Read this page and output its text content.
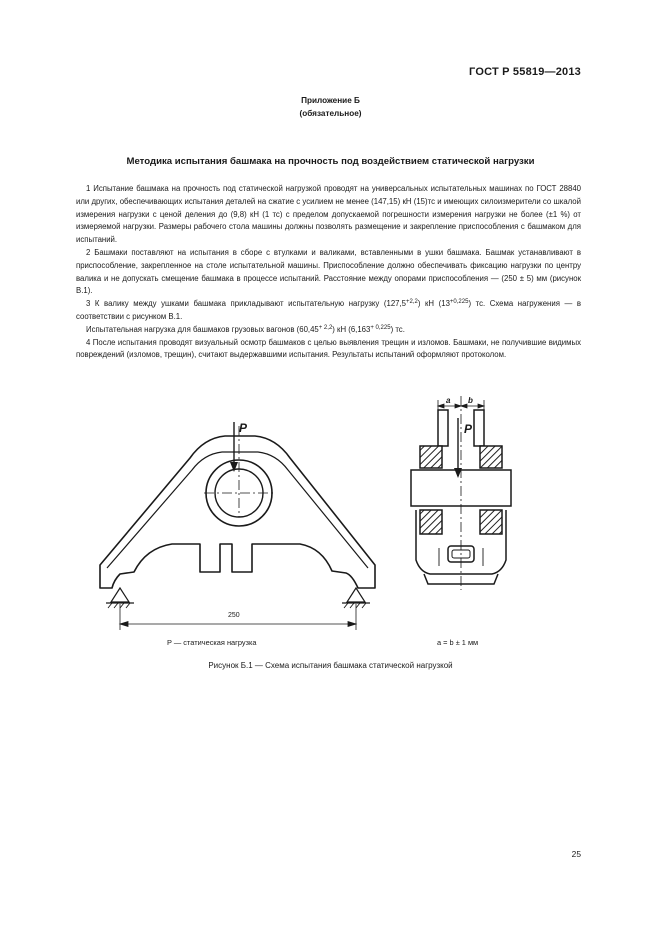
ГОСТ Р 55819—2013
Приложение Б
(обязательное)
Методика испытания башмака на прочность под воздействием статической нагрузки

1 Испытание башмака на прочность под статической нагрузкой проводят на универсальных испытательных машинах по ГОСТ 28840 или других, обеспечивающих испытания деталей на сжатие с усилием не менее (147,15) кН (15)тс и имеющих силоизмерители со шкалой измерения нагрузки с ценой деления до (9,8) кН (1 тс) с пределом допускаемой погрешности измерения нагрузки не более (±1 %) от измеряемой нагрузки. Размеры рабочего стола машины должны позволять размещение и закрепление приспособления с башмаком для испытаний.

2 Башмаки поставляют на испытания в сборе с втулками и валиками, вставленными в ушки башмака. Башмак устанавливают в приспособление, закрепленное на столе испытательной машины. Приспособление должно обеспечивать фиксацию нагрузки по центру валика и не допускать смещение башмака в процессе испытаний. Расстояние между опорами приспособления — (250 ± 5) мм (рисунок В.1).

3 К валику между ушками башмака прикладывают испытательную нагрузку $(127,5^{+2,2})$ кН $(13^{+0,225})$ тс. Схема нагружения — в соответствии с рисунком В.1.

Испытательная нагрузка для башмаков грузовых вагонов $(60,45^{+ 2,2})$ кН $(6,163^{+ 0,225})$ тс.

4 После испытания проводят визуальный осмотр башмаков с целью выявления трещин и изломов. Башмаки, не получившие видимых повреждений (изломов, трещин), считают выдержавшими испытания. Результаты испытаний оформляют протоколом.

P	P
250
a b
P — статическая нагрузка	a = b ± 1 мм
Рисунок Б.1 — Схема испытания башмака статической нагрузкой
25
